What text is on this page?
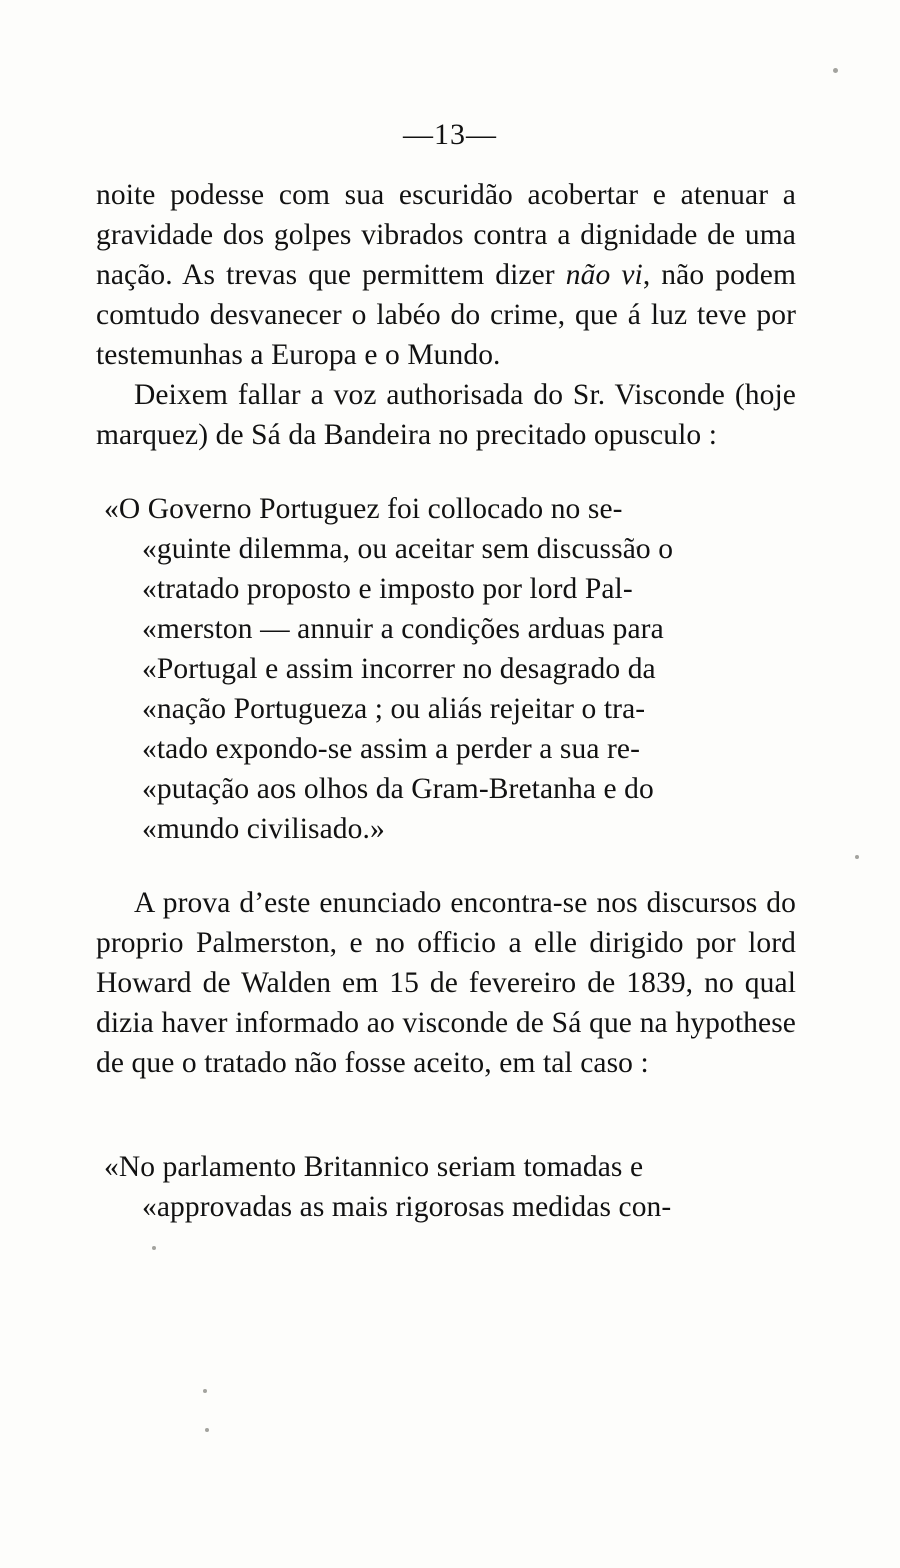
—13—

noite podesse com sua escuridão acobertar e atenuar a gravidade dos golpes vibrados contra a dignidade de uma nação. As trevas que permittem dizer não vi, não podem comtudo desvanecer o labéo do crime, que á luz teve por testemunhas a Europa e o Mundo.

Deixem fallar a voz authorisada do Sr. Visconde (hoje marquez) de Sá da Bandeira no precitado opusculo :

«O Governo Portuguez foi collocado no se-

«guinte dilemma, ou aceitar sem discussão o

«tratado proposto e imposto por lord Pal-

«merston — annuir a condições arduas para

«Portugal e assim incorrer no desagrado da

«nação Portugueza ; ou aliás rejeitar o tra-

«tado expondo-se assim a perder a sua re-

«putação aos olhos da Gram-Bretanha e do

«mundo civilisado.»

A prova d’este enunciado encontra-se nos discursos do proprio Palmerston, e no officio a elle dirigido por lord Howard de Walden em 15 de fevereiro de 1839, no qual dizia haver informado ao visconde de Sá que na hypothese de que o tratado não fosse aceito, em tal caso :

«No parlamento Britannico seriam tomadas e

«approvadas as mais rigorosas medidas con-
